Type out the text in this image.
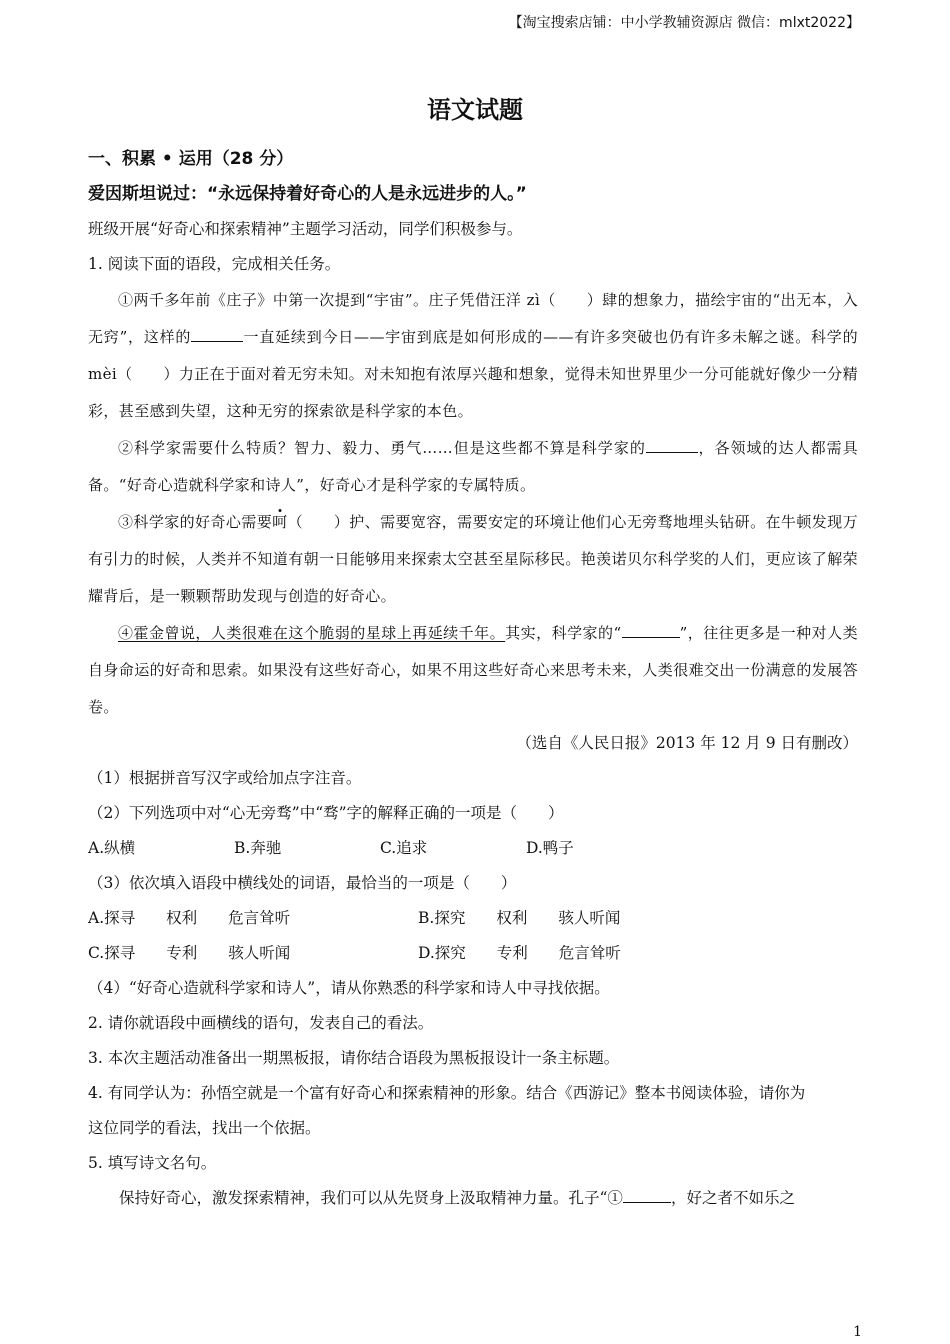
【淘宝搜索店铺：中小学教辅资源店 微信：mlxt2022】
语文试题
一、积累 • 运用（28 分）
爱因斯坦说过：“永远保持着好奇心的人是永远进步的人。”
班级开展“好奇心和探索精神”主题学习活动，同学们积极参与。
1. 阅读下面的语段，完成相关任务。

①两千多年前《庄子》中第一次提到“宇宙”。庄子凭借汪洋 zì（　　）肆的想象力，描绘宇宙的“出无本，入无窍”，这样的	一直延续到今日——宇宙到底是如何形成的——有许多突破也仍有许多未解之谜。科学的 mèi（　　）力正在于面对着无穷未知。对未知抱有浓厚兴趣和想象，觉得未知世界里少一分可能就好像少一分精彩，甚至感到失望，这种无穷的探索欲是科学家的本色。

②科学家需要什么特质？智力、毅力、勇气……但是这些都不算是科学家的	，各领域的达人都需具备。“好奇心造就科学家和诗人”，好奇心才是科学家的专属特质。

③科学家的好奇心需要呵（　　）护、需要宽容，需要安定的环境让他们心无旁骛地埋头钻研。在牛顿发现万有引力的时候，人类并不知道有朝一日能够用来探索太空甚至星际移民。艳羡诺贝尔科学奖的人们，更应该了解荣耀背后，是一颗颗帮助发现与创造的好奇心。

④霍金曾说，人类很难在这个脆弱的星球上再延续千年。其实，科学家的“	”，往往更多是一种对人类自身命运的好奇和思索。如果没有这些好奇心，如果不用这些好奇心来思考未来，人类很难交出一份满意的发展答卷。

（选自《人民日报》2013 年 12 月 9 日有删改）
（1）根据拼音写汉字或给加点字注音。
（2）下列选项中对“心无旁骛”中“骛”字的解释正确的一项是（　　）
A.纵横	B.奔驰	C.追求	D.鸭子
（3）依次填入语段中横线处的词语，最恰当的一项是（　　）
A.探寻　　权利　　危言耸听	B.探究　　权利　　骇人听闻
C.探寻　　专利　　骇人听闻	D.探究　　专利　　危言耸听
（4）“好奇心造就科学家和诗人”，请从你熟悉的科学家和诗人中寻找依据。
2. 请你就语段中画横线的语句，发表自己的看法。
3. 本次主题活动准备出一期黑板报，请你结合语段为黑板报设计一条主标题。
4. 有同学认为：孙悟空就是一个富有好奇心和探索精神的形象。结合《西游记》整本书阅读体验，请你为
这位同学的看法，找出一个依据。
5. 填写诗文名句。
保持好奇心，激发探索精神，我们可以从先贤身上汲取精神力量。孔子“①	，好之者不如乐之
1
